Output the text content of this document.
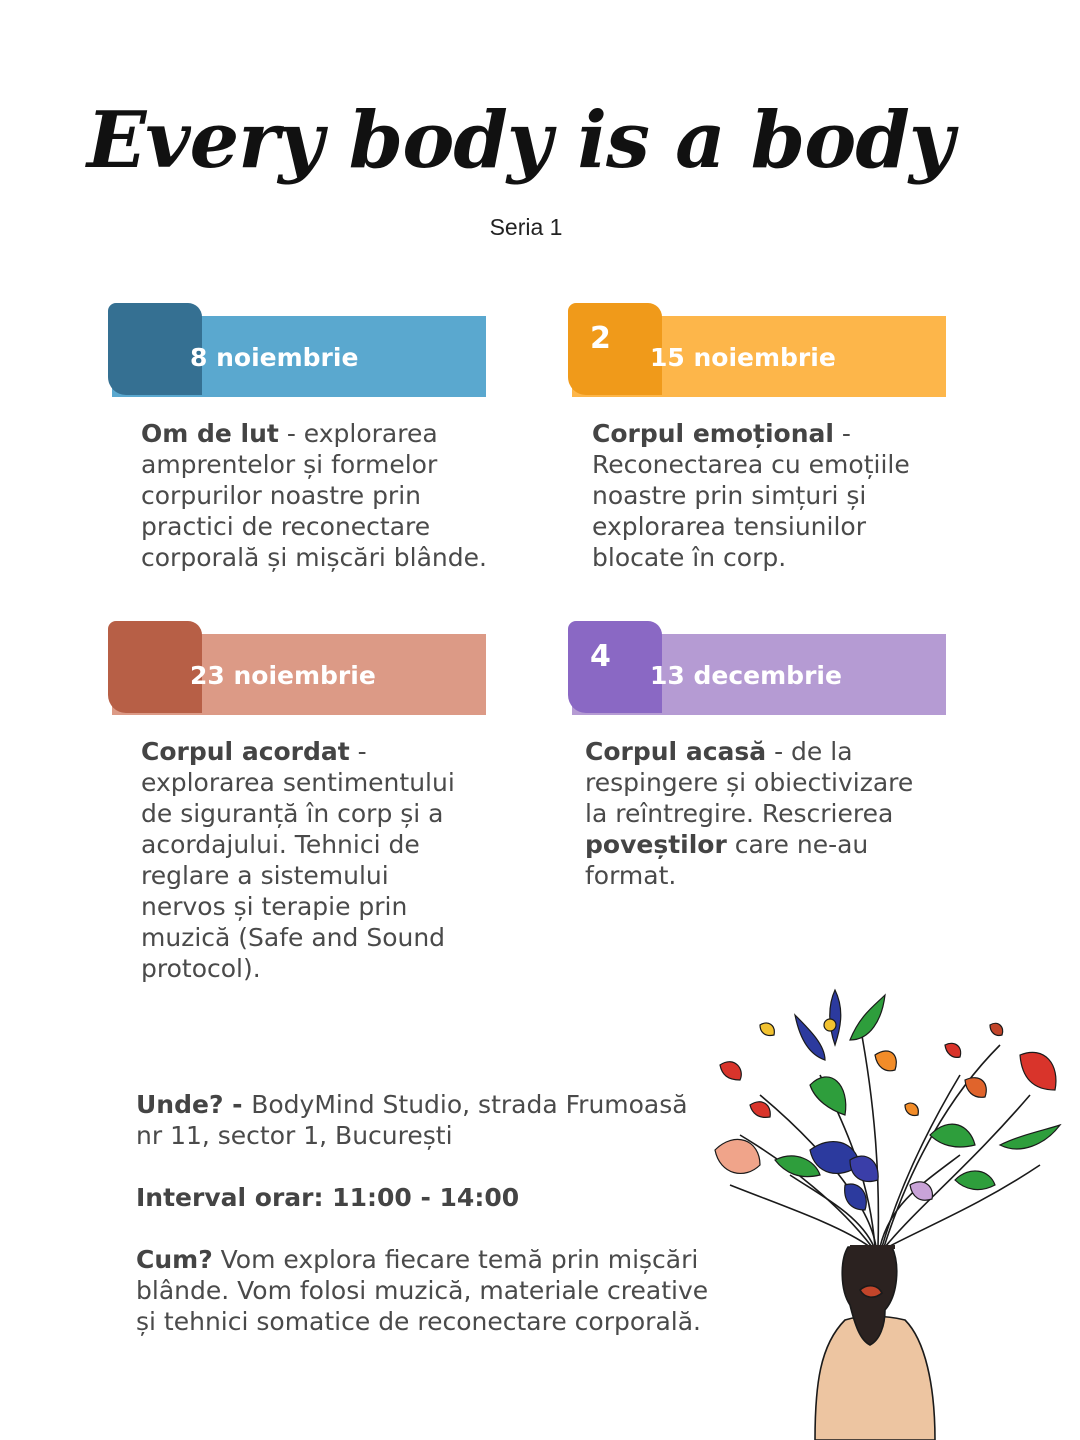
Every body is a body
Seria 1
8 noiembrie
Om de lut - explorarea amprentelor și formelor corpurilor noastre prin practici de reconectare corporală și mișcări blânde.
2
15 noiembrie
Corpul emoțional - Reconectarea cu emoțiile noastre prin simțuri și explorarea tensiunilor blocate în corp.
23 noiembrie
Corpul acordat - explorarea sentimentului de siguranță în corp și a acordajului. Tehnici de reglare a sistemului nervos și terapie prin muzică (Safe and Sound protocol).
4
13 decembrie
Corpul acasă - de la respingere și obiectivizare la reîntregire. Rescrierea poveștilor care ne-au format.
Unde? - BodyMind Studio, strada Frumoasă nr 11, sector 1, București
Interval orar: 11:00 - 14:00
Cum? Vom explora fiecare temă prin mișcări blânde. Vom folosi muzică, materiale creative și tehnici somatice de reconectare corporală.
